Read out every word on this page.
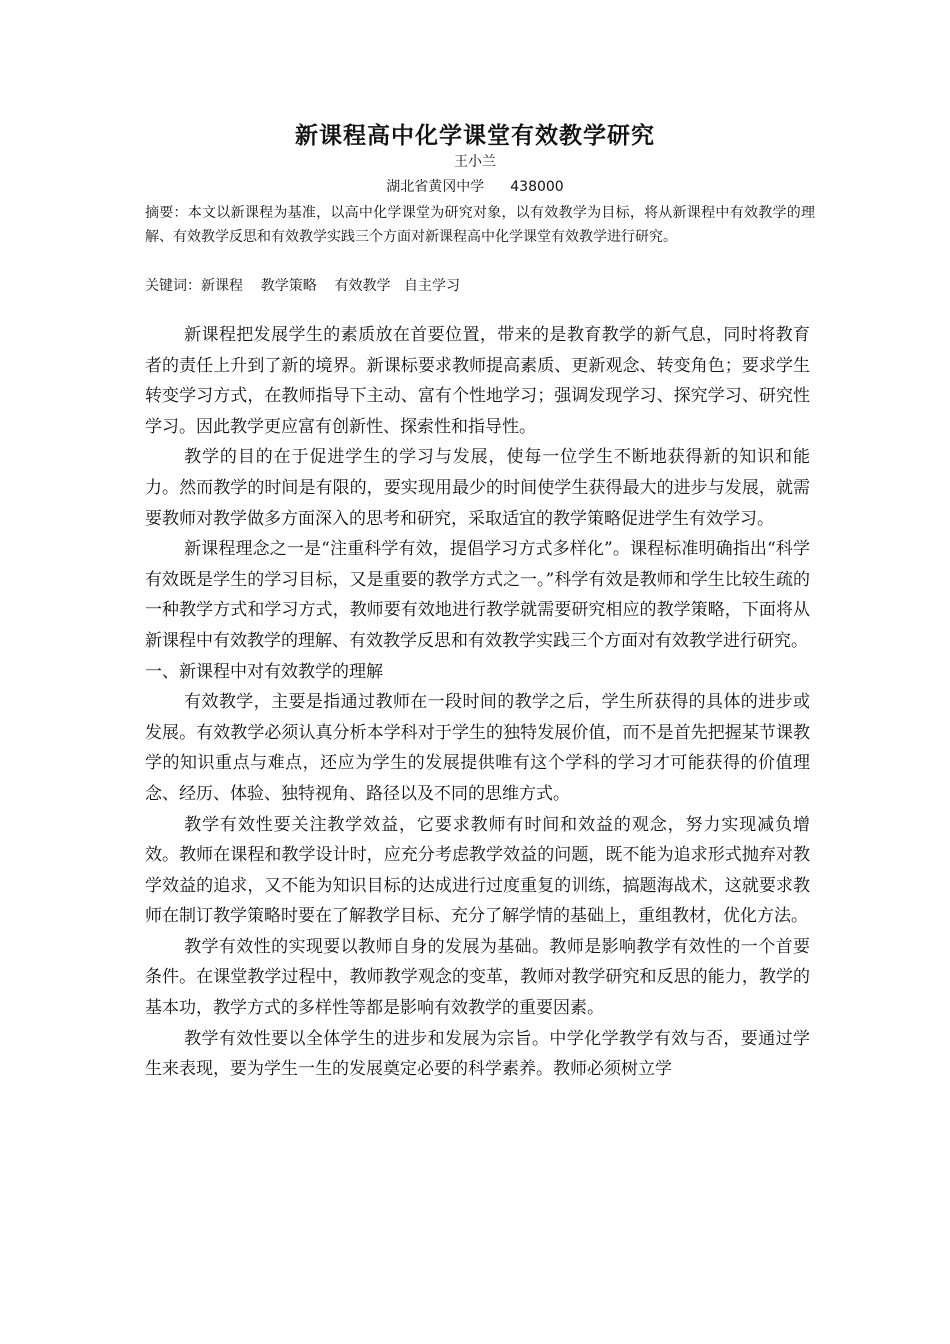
新课程高中化学课堂有效教学研究
王小兰
湖北省黄冈中学 438000
摘要：本文以新课程为基准，以高中化学课堂为研究对象，以有效教学为目标，将从新课程中有效教学的理解、有效教学反思和有效教学实践三个方面对新课程高中化学课堂有效教学进行研究。
关键词：新课程    教学策略    有效教学   自主学习

新课程把发展学生的素质放在首要位置，带来的是教育教学的新气息，同时将教育者的责任上升到了新的境界。新课标要求教师提高素质、更新观念、转变角色；要求学生转变学习方式，在教师指导下主动、富有个性地学习；强调发现学习、探究学习、研究性学习。因此教学更应富有创新性、探索性和指导性。

教学的目的在于促进学生的学习与发展，使每一位学生不断地获得新的知识和能力。然而教学的时间是有限的，要实现用最少的时间使学生获得最大的进步与发展，就需要教师对教学做多方面深入的思考和研究，采取适宜的教学策略促进学生有效学习。

新课程理念之一是“注重科学有效，提倡学习方式多样化”。课程标准明确指出“科学有效既是学生的学习目标，又是重要的教学方式之一。”科学有效是教师和学生比较生疏的一种教学方式和学习方式，教师要有效地进行教学就需要研究相应的教学策略，下面将从新课程中有效教学的理解、有效教学反思和有效教学实践三个方面对有效教学进行研究。

一、新课程中对有效教学的理解

有效教学，主要是指通过教师在一段时间的教学之后，学生所获得的具体的进步或发展。有效教学必须认真分析本学科对于学生的独特发展价值，而不是首先把握某节课教学的知识重点与难点，还应为学生的发展提供唯有这个学科的学习才可能获得的价值理念、经历、体验、独特视角、路径以及不同的思维方式。

教学有效性要关注教学效益，它要求教师有时间和效益的观念，努力实现减负增效。教师在课程和教学设计时，应充分考虑教学效益的问题，既不能为追求形式抛弃对教学效益的追求，又不能为知识目标的达成进行过度重复的训练，搞题海战术，这就要求教师在制订教学策略时要在了解教学目标、充分了解学情的基础上，重组教材，优化方法。

教学有效性的实现要以教师自身的发展为基础。教师是影响教学有效性的一个首要条件。在课堂教学过程中，教师教学观念的变革，教师对教学研究和反思的能力，教学的基本功，教学方式的多样性等都是影响有效教学的重要因素。

教学有效性要以全体学生的进步和发展为宗旨。中学化学教学有效与否，要通过学生来表现，要为学生一生的发展奠定必要的科学素养。教师必须树立学
